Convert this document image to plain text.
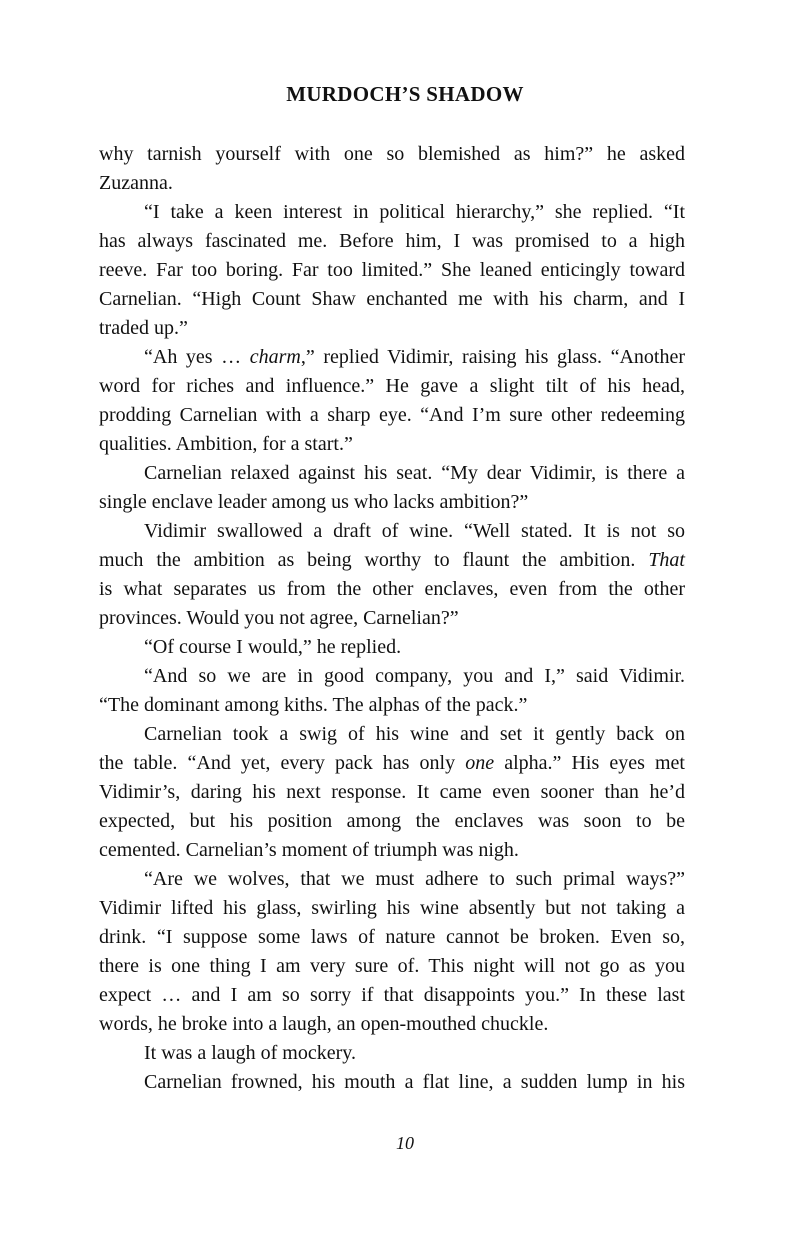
MURDOCH’S SHADOW
why tarnish yourself with one so blemished as him?” he asked
Zuzanna.
“I take a keen interest in political hierarchy,” she replied. “It
has always fascinated me. Before him, I was promised to a high
reeve. Far too boring. Far too limited.” She leaned enticingly toward
Carnelian. “High Count Shaw enchanted me with his charm, and I
traded up.”
“Ah yes … charm,” replied Vidimir, raising his glass. “Another
word for riches and influence.” He gave a slight tilt of his head,
prodding Carnelian with a sharp eye. “And I’m sure other redeeming
qualities. Ambition, for a start.”
Carnelian relaxed against his seat. “My dear Vidimir, is there a
single enclave leader among us who lacks ambition?”
Vidimir swallowed a draft of wine. “Well stated. It is not so
much the ambition as being worthy to flaunt the ambition. That
is what separates us from the other enclaves, even from the other
provinces. Would you not agree, Carnelian?”
“Of course I would,” he replied.
“And so we are in good company, you and I,” said Vidimir.
“The dominant among kiths. The alphas of the pack.”
Carnelian took a swig of his wine and set it gently back on
the table. “And yet, every pack has only one alpha.” His eyes met
Vidimir’s, daring his next response. It came even sooner than he’d
expected, but his position among the enclaves was soon to be
cemented. Carnelian’s moment of triumph was nigh.
“Are we wolves, that we must adhere to such primal ways?”
Vidimir lifted his glass, swirling his wine absently but not taking a
drink. “I suppose some laws of nature cannot be broken. Even so,
there is one thing I am very sure of. This night will not go as you
expect … and I am so sorry if that disappoints you.” In these last
words, he broke into a laugh, an open-mouthed chuckle.
It was a laugh of mockery.
Carnelian frowned, his mouth a flat line, a sudden lump in his
10
